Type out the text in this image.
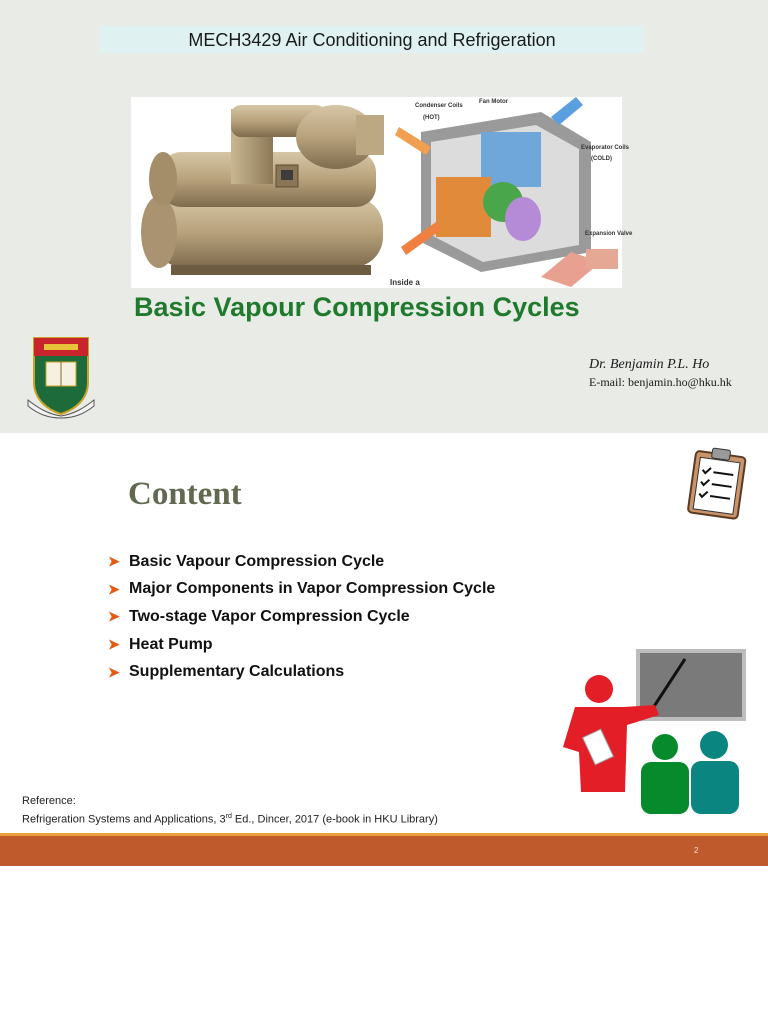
MECH3429 Air Conditioning and Refrigeration
Fan Motor
Condenser Coils
(HOT)
Evaporator Coils
(COLD)
Expansion Valve
Inside a
Basic Vapour Compression Cycles
Dr. Benjamin P.L. Ho
E-mail: benjamin.ho@hku.hk
Content
➤ Basic Vapour Compression Cycle
➤ Major Components in Vapor Compression Cycle
➤ Two-stage Vapor Compression Cycle
➤ Heat Pump
➤ Supplementary Calculations
Reference:
Refrigeration Systems and Applications, 3rd Ed., Dincer, 2017 (e-book in HKU Library)
2
